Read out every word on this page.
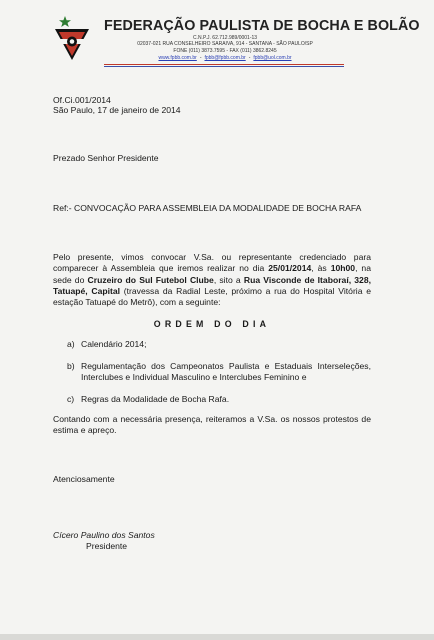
FEDERAÇÃO PAULISTA DE BOCHA E BOLÃO
C.N.P.J. 62.712.989/0001-13
02037-021 RUA CONSELHEIRO SARAIVA, 914 - SANTANA - SÃO PAULO/SP
FONE (011) 3873.7595 - FAX (011) 3862.8245
www.fpbb.com.br - fpbb@fpbb.com.br - fpbb@uol.com.br
Of.Ci.001/2014
São Paulo, 17 de janeiro de 2014
Prezado Senhor Presidente
Ref:- CONVOCAÇÃO PARA ASSEMBLEIA DA MODALIDADE DE BOCHA RAFA
Pelo presente, vimos convocar V.Sa. ou representante credenciado para comparecer à Assembleia que iremos realizar no dia 25/01/2014, às 10h00, na sede do Cruzeiro do Sul Futebol Clube, sito a Rua Visconde de Itaboraí, 328, Tatuapé, Capital (travessa da Radial Leste, próximo a rua do Hospital Vitória e estação Tatuapé do Metrô), com a seguinte:
ORDEM DO DIA
a) Calendário 2014;
b) Regulamentação dos Campeonatos Paulista e Estaduais Interseleções, Interclubes e Individual Masculino e Interclubes Feminino e
c) Regras da Modalidade de Bocha Rafa.
Contando com a necessária presença, reiteramos a V.Sa. os nossos protestos de estima e apreço.
Atenciosamente
Cícero Paulino dos Santos
Presidente
